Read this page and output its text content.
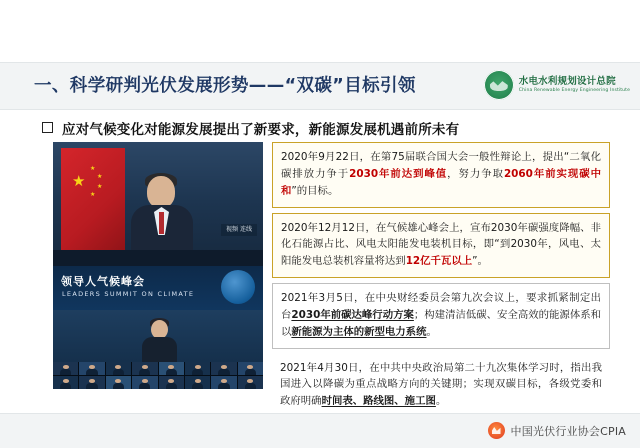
一、科学研判光伏发展形势——“双碳”目标引领	水电水利规划设计总院
China Renewable Energy Engineering Institute
应对气候变化对能源发展提出了新要求，新能源发展机遇前所未有
★
★
★
★
★
视频 连线
领导人气候峰会
LEADERS SUMMIT ON CLIMATE
2020年9月22日，在第75届联合国大会一般性辩论上，提出“二氧化碳排放力争于2030年前达到峰值，努力争取2060年前实现碳中和”的目标。
2020年12月12日，在气候雄心峰会上，宣布2030年碳强度降幅、非化石能源占比、风电太阳能发电装机目标，即“到2030年，风电、太阳能发电总装机容量将达到12亿千瓦以上”。
2021年3月5日，在中央财经委员会第九次会议上，要求抓紧制定出台2030年前碳达峰行动方案；构建清洁低碳、安全高效的能源体系和以新能源为主体的新型电力系统。
2021年4月30日，在中共中央政治局第二十九次集体学习时，指出我国进入以降碳为重点战略方向的关键期；实现双碳目标，各级党委和政府明确时间表、路线图、施工图。
中国光伏行业协会CPIA
